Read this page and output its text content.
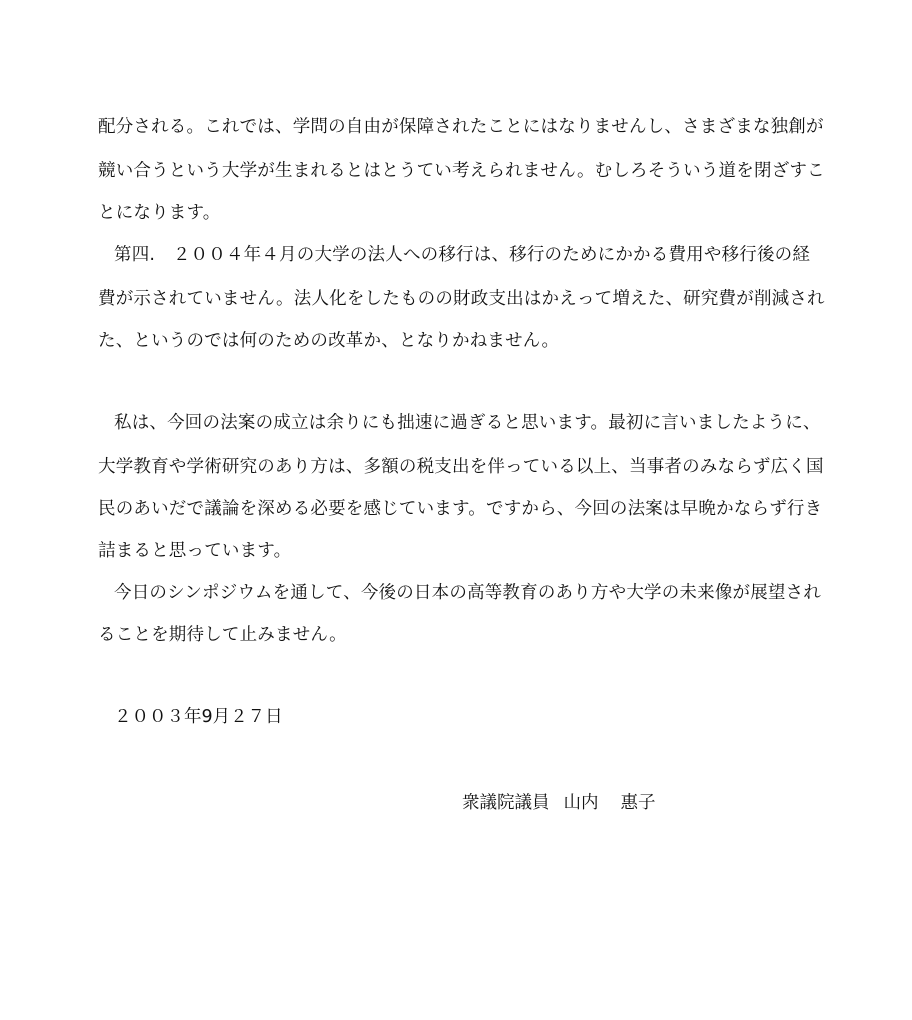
配分される。これでは、学問の自由が保障されたことにはなりませんし、さまざまな独創が
競い合うという大学が生まれるとはとうてい考えられません。むしろそういう道を閉ざすこ
とになります。
第四.　２００４年４月の大学の法人への移行は、移行のためにかかる費用や移行後の経
費が示されていません。法人化をしたものの財政支出はかえって増えた、研究費が削減され
た、というのでは何のための改革か、となりかねません。
私は、今回の法案の成立は余りにも拙速に過ぎると思います。最初に言いましたように、
大学教育や学術研究のあり方は、多額の税支出を伴っている以上、当事者のみならず広く国
民のあいだで議論を深める必要を感じています。ですから、今回の法案は早晩かならず行き
詰まると思っています。
今日のシンポジウムを通して、今後の日本の高等教育のあり方や大学の未来像が展望され
ることを期待して止みません。
２００３年9月２７日
衆議院議員 山内 惠子
